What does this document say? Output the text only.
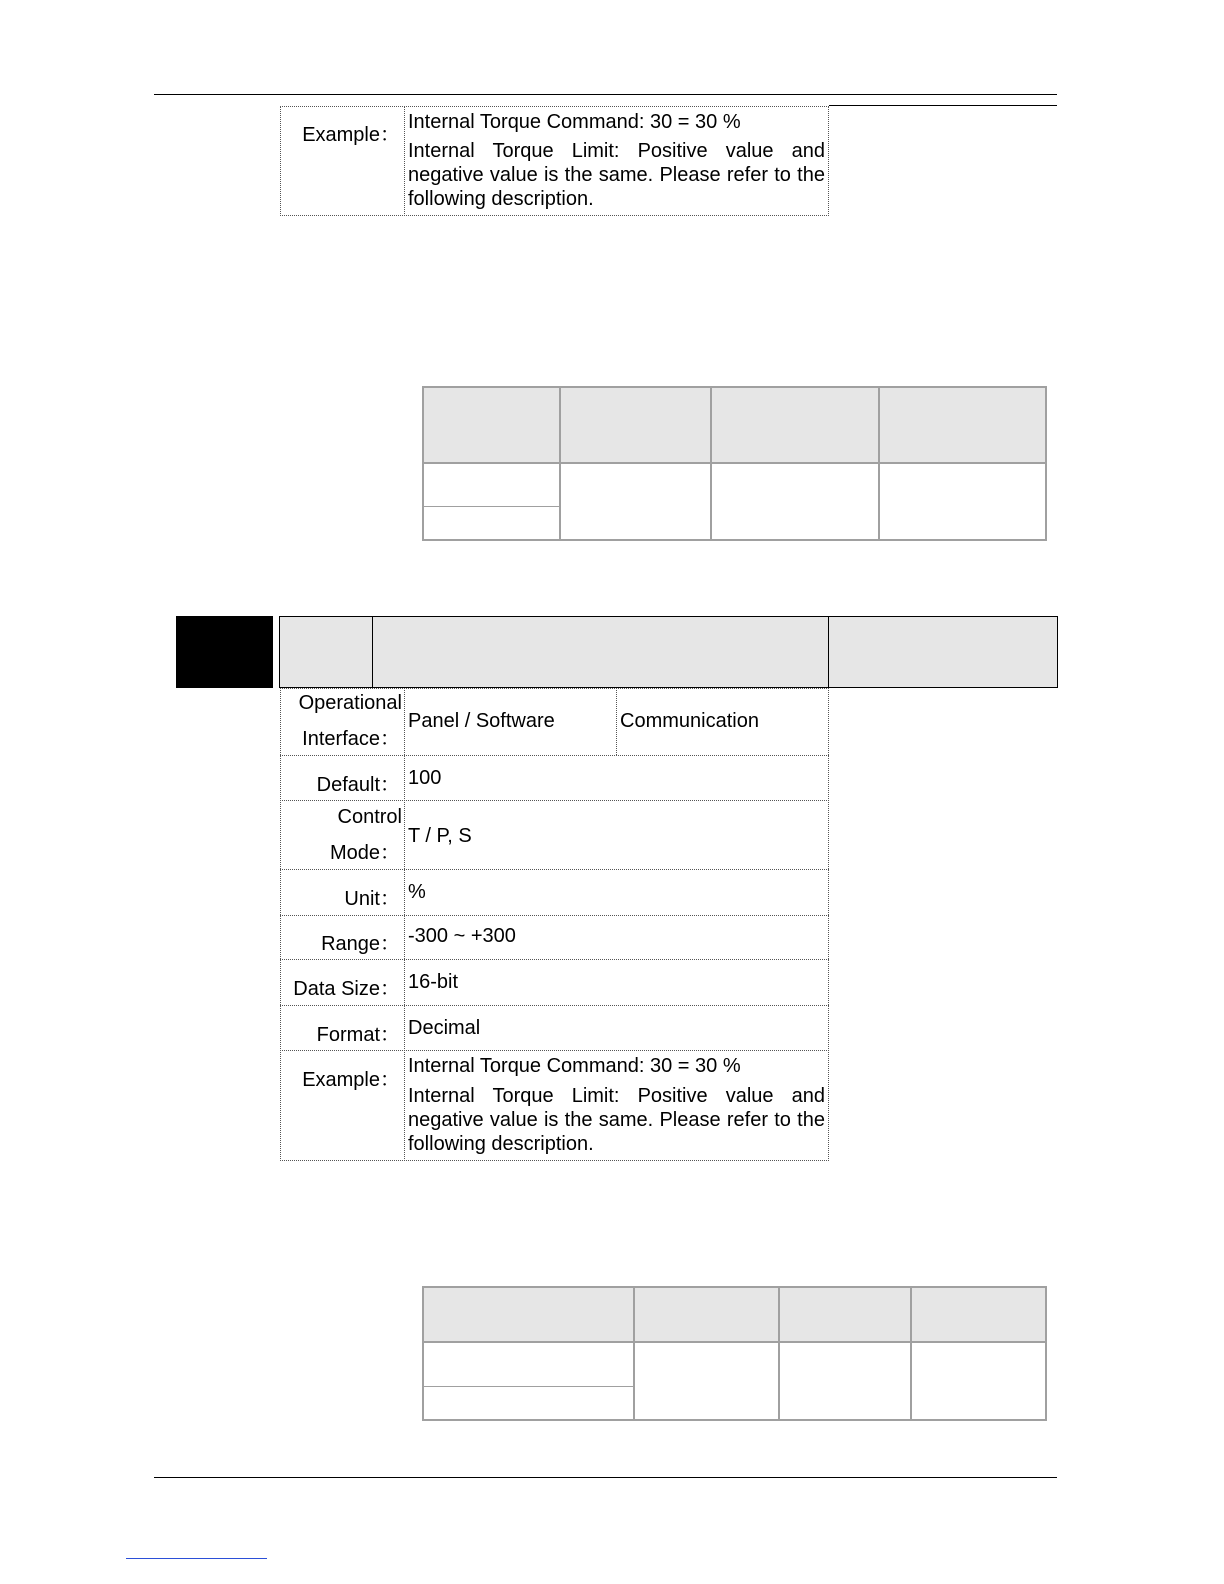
Example：
Internal Torque Command: 30 = 30 %
Internal Torque Limit: Positive value and negative value is the same. Please refer to the following description.
Operational
Interface：
Panel / Software	Communication
Default： 100
Control
Mode：
T / P, S
Unit： %
Range： -300 ~ +300
Data Size： 16-bit
Format： Decimal
Example：
Internal Torque Command: 30 = 30 %
Internal Torque Limit: Positive value and negative value is the same. Please refer to the following description.
